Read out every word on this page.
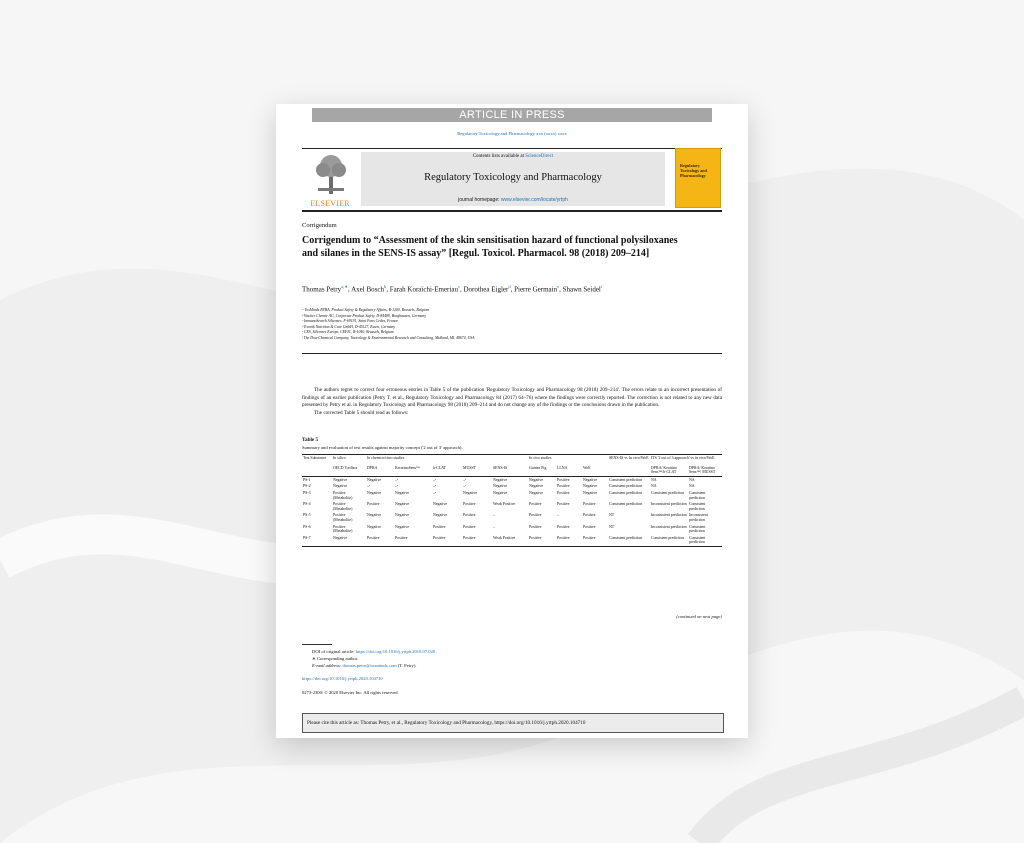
ARTICLE IN PRESS
Regulatory Toxicology and Pharmacology xxx (xxxx) xxxx
ELSEVIER
Contents lists available at ScienceDirect
Regulatory Toxicology and Pharmacology
journal homepage: www.elsevier.com/locate/yrtph
Regulatory Toxicology and Pharmacology
Corrigendum
Corrigendum to “Assessment of the skin sensitisation hazard of functional polysiloxanes and silanes in the SENS-IS assay” [Regul. Toxicol. Pharmacol. 98 (2018) 209–214]
Thomas Petry$^{a,∗}$, Axel Bosch$^b$, Farah Koraïchi-Emeriau$^c$, Dorothea Eigler$^d$, Pierre Germain$^e$, Shawn Seidel$^f$
ᵃ ToxMinds BVBA, Product Safety & Regulatory Affairs, B-1200, Brussels, Belgium
ᵇ Wacker Chemie AG, Corporate Product Safety, D-84489, Burghausen, Germany
ᶜ ImmunoSearch Silicones, F-69191, Saint Fons Cedex, France
ᵈ Evonik Nutrition & Care GmbH, D-45127, Essen, Germany
ᵉ CES, Silicones Europe, CEFIC, B-1040, Brussels, Belgium
ᶠ The Dow Chemical Company, Toxicology & Environmental Research and Consulting, Midland, MI, 48674, USA

The authors regret to correct four erroneous entries in Table 5 of the publication 'Regulatory Toxicology and Pharmacology 98 (2018) 209–214'. The errors relate to an incorrect presentation of findings of an earlier publication (Petry T. et al., Regulatory Toxicology and Pharmacology 84 (2017) 64–76) where the findings were correctly reported. The correction is not related to any new data presented by Petry et al. in Regulatory Toxicology and Pharmacology 98 (2018) 209–214 and do not change any of the findings or the conclusions drawn in the publication.

The corrected Table 5 should read as follows:

Table 5
Summary and evaluation of test results against majority concept ('2 out of 3' approach).
Test Substance	In silico	In chemico/vitro studies					In vivo studies			SENS-IS vs In vivo/WoE	ITS '2 out of 3 approach' vs in vivo/WoE	
	OECD Toolbox	DPRA	KeratinoSens™	h-CLAT	MUSST	SENS-IS	Guinea Pig	LLNA	WoE		DPRA/ Keratino Sens™/h-CLAT	DPRA/ Keratino Sens™/ MUSST
PS-1	Negative	Negative	–ᵃ	–ᵃ	–ᵃ	Negative	Negative	Positive	Negative	Consistent prediction	NA	NA
PS-2	Negative	–ᵃ	–ᵃ	–ᵃ	–ᵃ	Negative	Negative	Positive	Negative	Consistent prediction	NA	NA
PS-3	Positive (Metabolite)	Negative	Negative	–ᵃ	Negative	Negative	Negative	Positive	Negative	Consistent prediction	Consistent prediction	Consistent prediction
PS-4	Positive (Metabolite)	Positive	Negative	Negative	Positive	Weak Positive	Positive	Positive	Positive	Consistent prediction	Inconsistent prediction	Consistent prediction
PS-5	Positive (Metabolite)	Negative	Negative	Negative	Positive	–	Positive	–	Positive	NT	Inconsistent prediction	Inconsistent prediction
PS-6	Positive (Metabolite)	Negative	Negative	Positive	Positive	–	Positive	Positive	Positive	NT	Inconsistent prediction	Consistent prediction
PS-7	Negative	Positive	Positive	Positive	Positive	Weak Positive	Positive	Positive	Positive	Consistent prediction	Consistent prediction	Consistent prediction
(continued on next page)
DOI of original article: https://doi.org/10.1016/j.yrtph.2018.07.020
∗ Corresponding author.
E-mail address: thomas.petry@toxminds.com (T. Petry).
https://doi.org/10.1016/j.yrtph.2020.104710
0273-2300/ © 2020 Elsevier Inc. All rights reserved.
Please cite this article as: Thomas Petry, et al., Regulatory Toxicology and Pharmacology, https://doi.org/10.1016/j.yrtph.2020.104710
